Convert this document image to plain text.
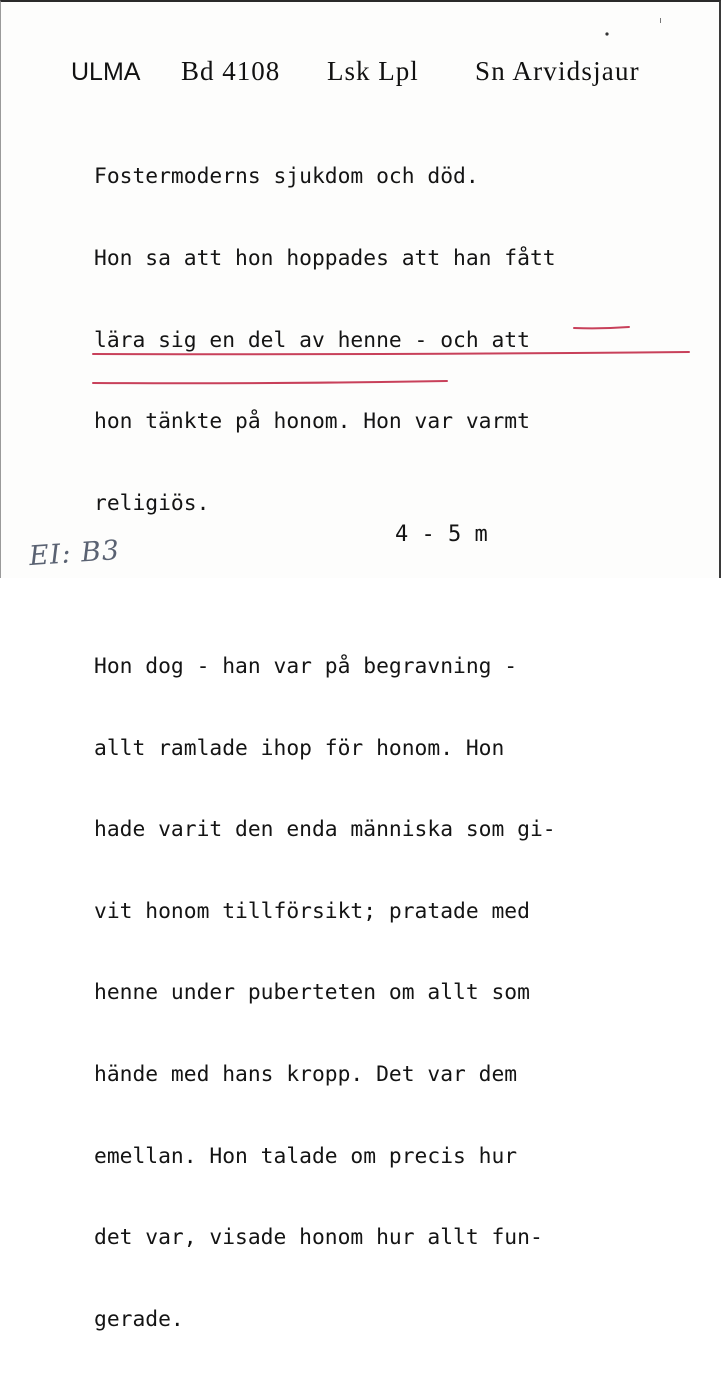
ULMA Bd 4108 Lsk Lpl Sn Arvidsjaur

Fostermoderns sjukdom och död.

Hon sa att hon hoppades att han fått

lära sig en del av henne - och att

hon tänkte på honom. Hon var varmt

religiös.

Hon dog - han var på begravning -

allt ramlade ihop för honom. Hon

hade varit den enda människa som gi-

vit honom tillförsikt; pratade med

henne under puberteten om allt som

hände med hans kropp. Det var dem

emellan. Hon talade om precis hur

det var, visade honom hur allt fun-

gerade.

4 - 5 m
EI: B3
